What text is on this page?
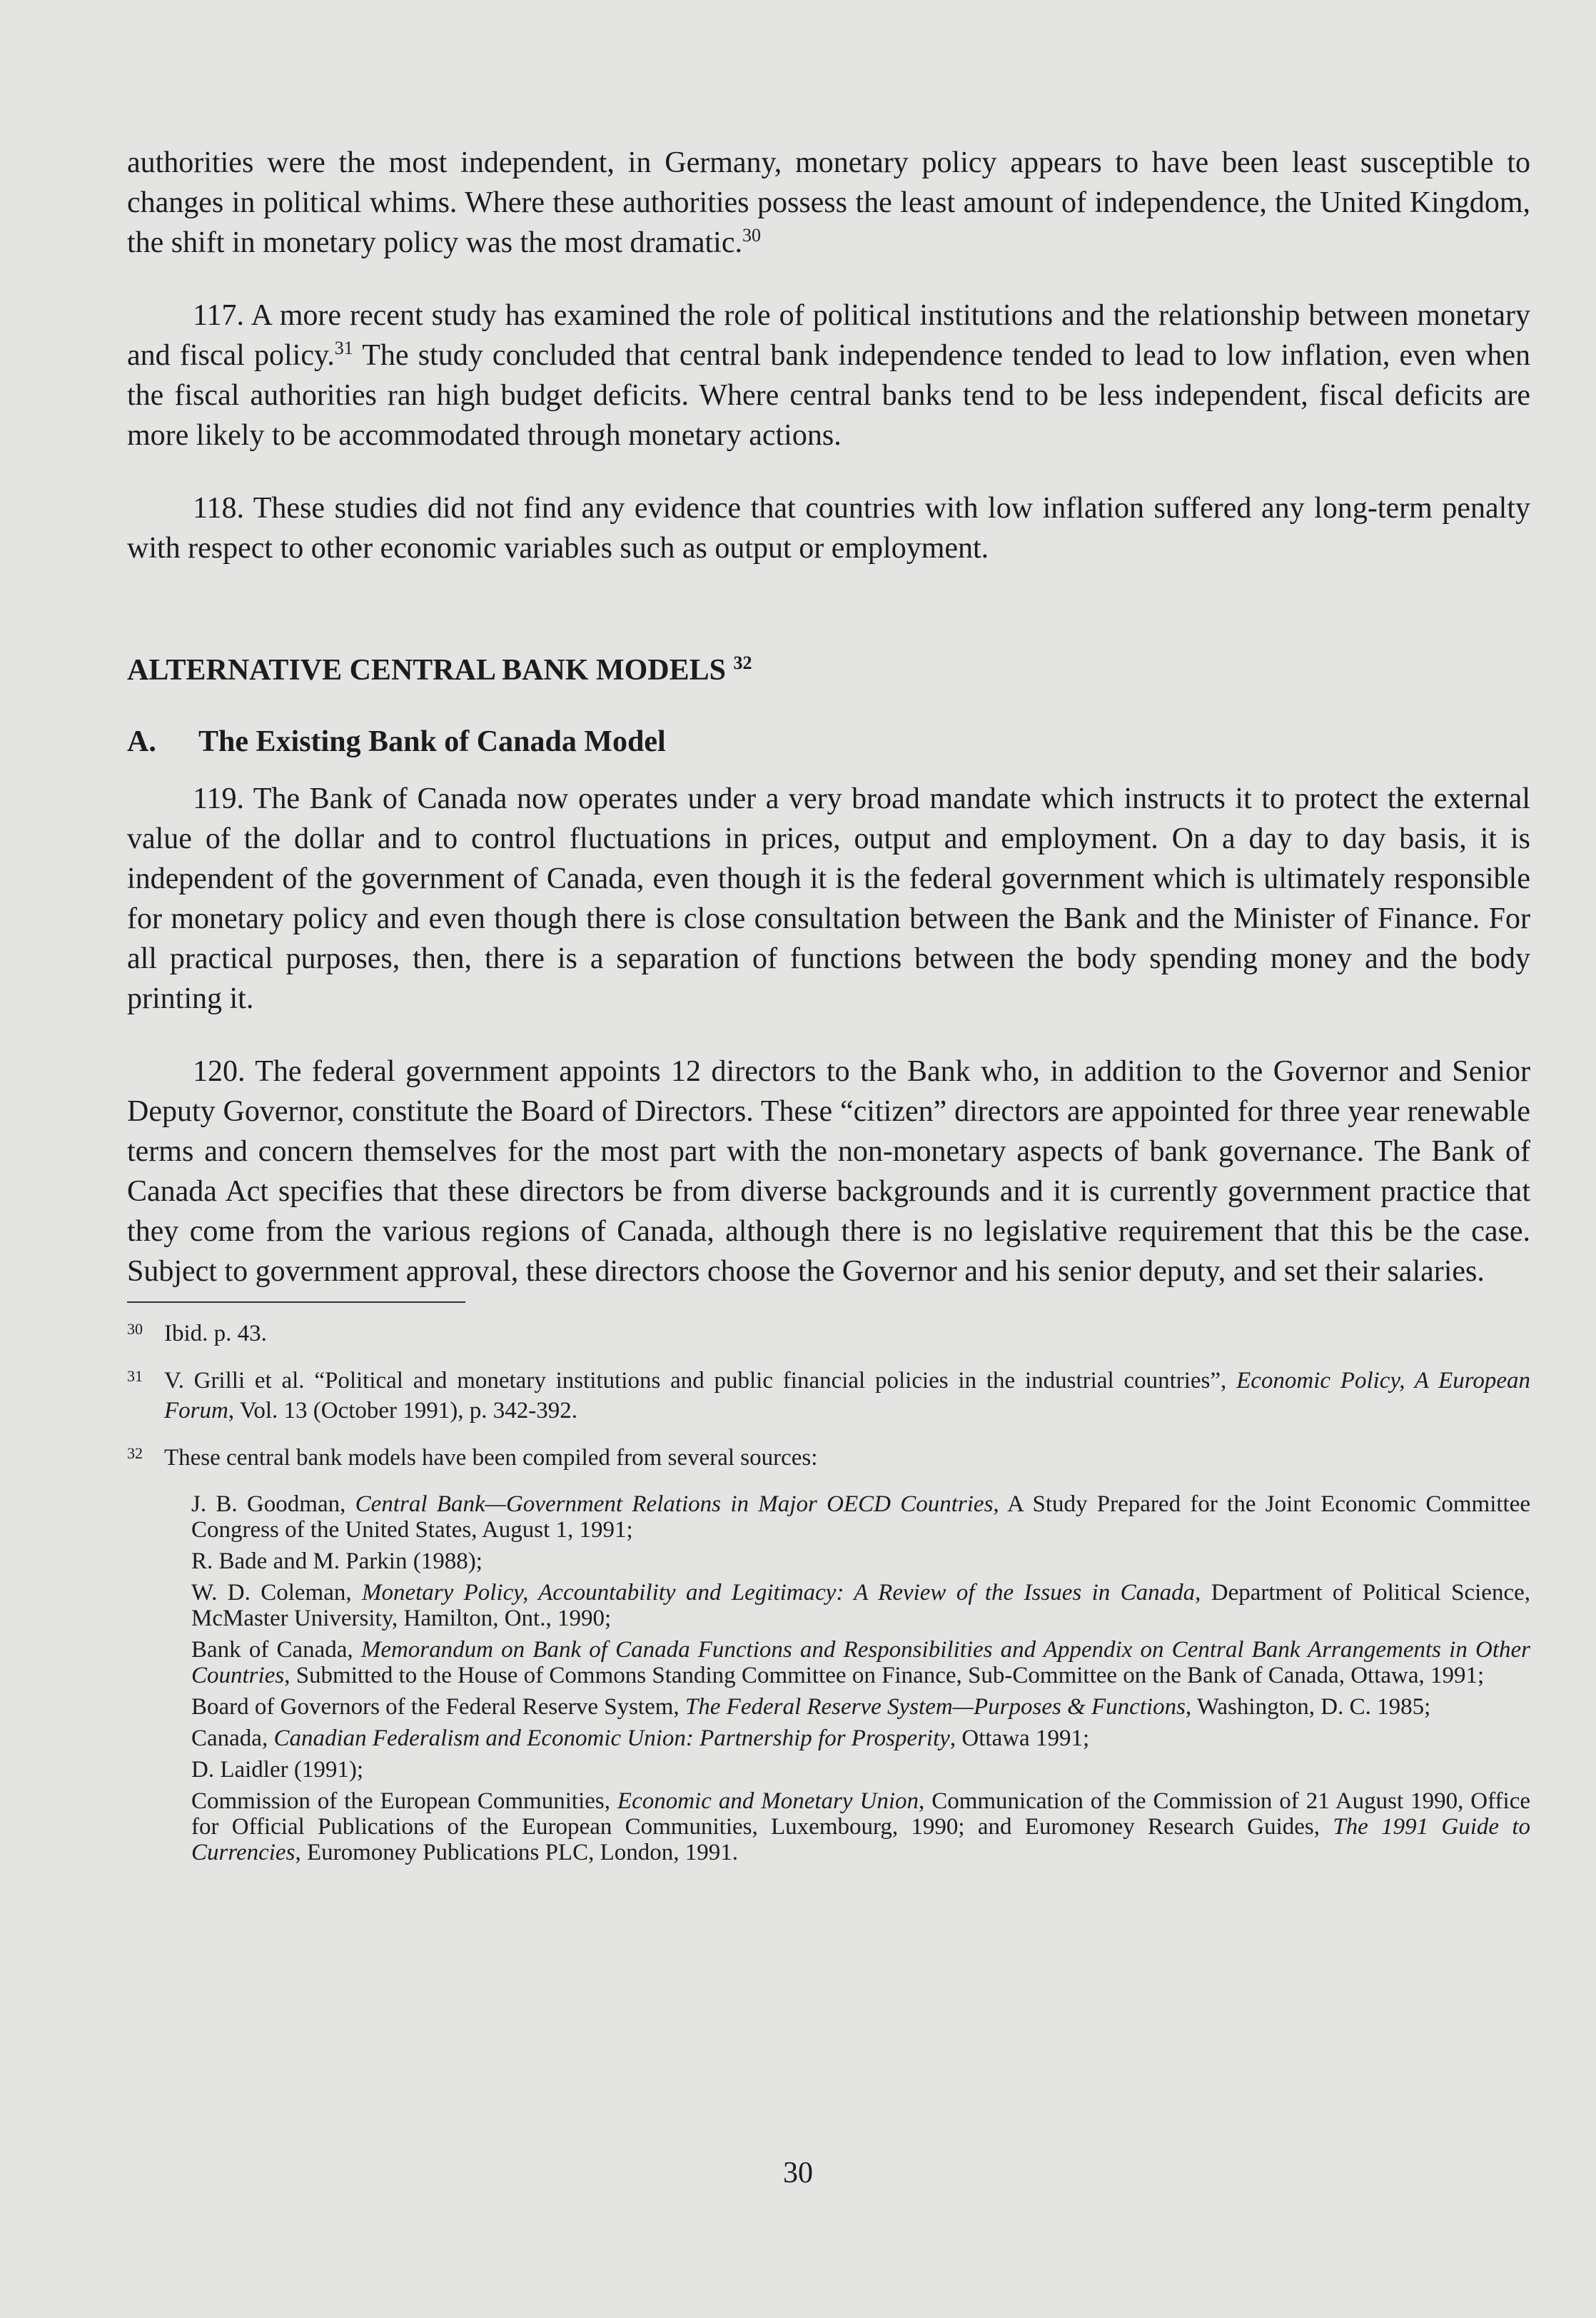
authorities were the most independent, in Germany, monetary policy appears to have been least susceptible to changes in political whims. Where these authorities possess the least amount of independence, the United Kingdom, the shift in monetary policy was the most dramatic.$^{30}$

117. A more recent study has examined the role of political institutions and the relationship between monetary and fiscal policy.$^{31}$ The study concluded that central bank independence tended to lead to low inflation, even when the fiscal authorities ran high budget deficits. Where central banks tend to be less independent, fiscal deficits are more likely to be accommodated through monetary actions.

118. These studies did not find any evidence that countries with low inflation suffered any long-term penalty with respect to other economic variables such as output or employment.

ALTERNATIVE CENTRAL BANK MODELS $^{32}$
A.	The Existing Bank of Canada Model

119. The Bank of Canada now operates under a very broad mandate which instructs it to protect the external value of the dollar and to control fluctuations in prices, output and employment. On a day to day basis, it is independent of the government of Canada, even though it is the federal government which is ultimately responsible for monetary policy and even though there is close consultation between the Bank and the Minister of Finance. For all practical purposes, then, there is a separation of functions between the body spending money and the body printing it.

120. The federal government appoints 12 directors to the Bank who, in addition to the Governor and Senior Deputy Governor, constitute the Board of Directors. These “citizen” directors are appointed for three year renewable terms and concern themselves for the most part with the non-monetary aspects of bank governance. The Bank of Canada Act specifies that these directors be from diverse backgrounds and it is currently government practice that they come from the various regions of Canada, although there is no legislative requirement that this be the case. Subject to government approval, these directors choose the Governor and his senior deputy, and set their salaries.

30 Ibid. p. 43.
31 V. Grilli et al. “Political and monetary institutions and public financial policies in the industrial countries”, Economic Policy, A European Forum, Vol. 13 (October 1991), p. 342-392.
32 These central bank models have been compiled from several sources:
J. B. Goodman, Central Bank—Government Relations in Major OECD Countries, A Study Prepared for the Joint Economic Committee Congress of the United States, August 1, 1991;
R. Bade and M. Parkin (1988);
W. D. Coleman, Monetary Policy, Accountability and Legitimacy: A Review of the Issues in Canada, Department of Political Science, McMaster University, Hamilton, Ont., 1990;
Bank of Canada, Memorandum on Bank of Canada Functions and Responsibilities and Appendix on Central Bank Arrangements in Other Countries, Submitted to the House of Commons Standing Committee on Finance, Sub-Committee on the Bank of Canada, Ottawa, 1991;
Board of Governors of the Federal Reserve System, The Federal Reserve System—Purposes & Functions, Washington, D. C. 1985;
Canada, Canadian Federalism and Economic Union: Partnership for Prosperity, Ottawa 1991;
D. Laidler (1991);
Commission of the European Communities, Economic and Monetary Union, Communication of the Commission of 21 August 1990, Office for Official Publications of the European Communities, Luxembourg, 1990; and Euromoney Research Guides, The 1991 Guide to Currencies, Euromoney Publications PLC, London, 1991.
30
